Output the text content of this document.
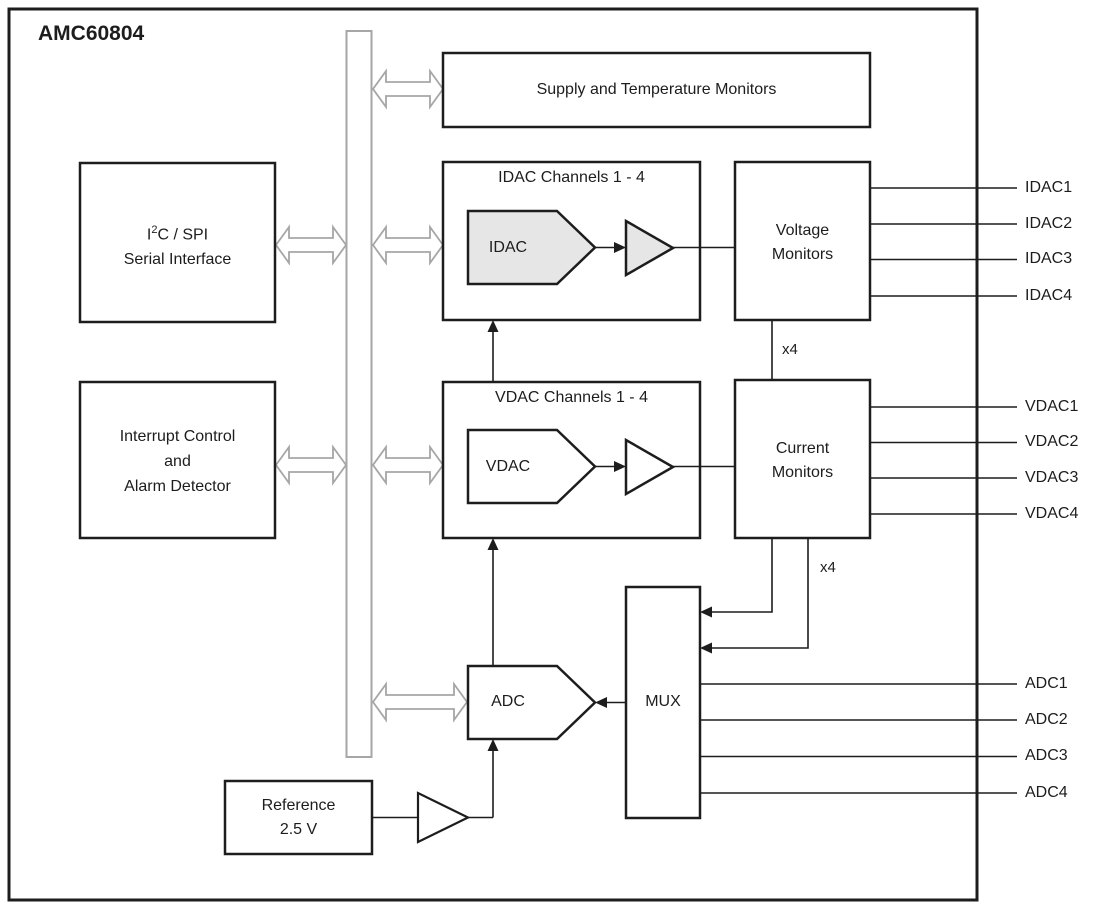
AMC60804
Supply and Temperature Monitors
$I^2C$ / SPI
Serial Interface
Interrupt Control
and
Alarm Detector
IDAC Channels 1 - 4
IDAC
VDAC Channels 1 - 4
VDAC
Voltage
Monitors
Current
Monitors
x4
x4
MUX
ADC
Reference
2.5 V
IDAC1
IDAC2
IDAC3
IDAC4
VDAC1
VDAC2
VDAC3
VDAC4
ADC1
ADC2
ADC3
ADC4
